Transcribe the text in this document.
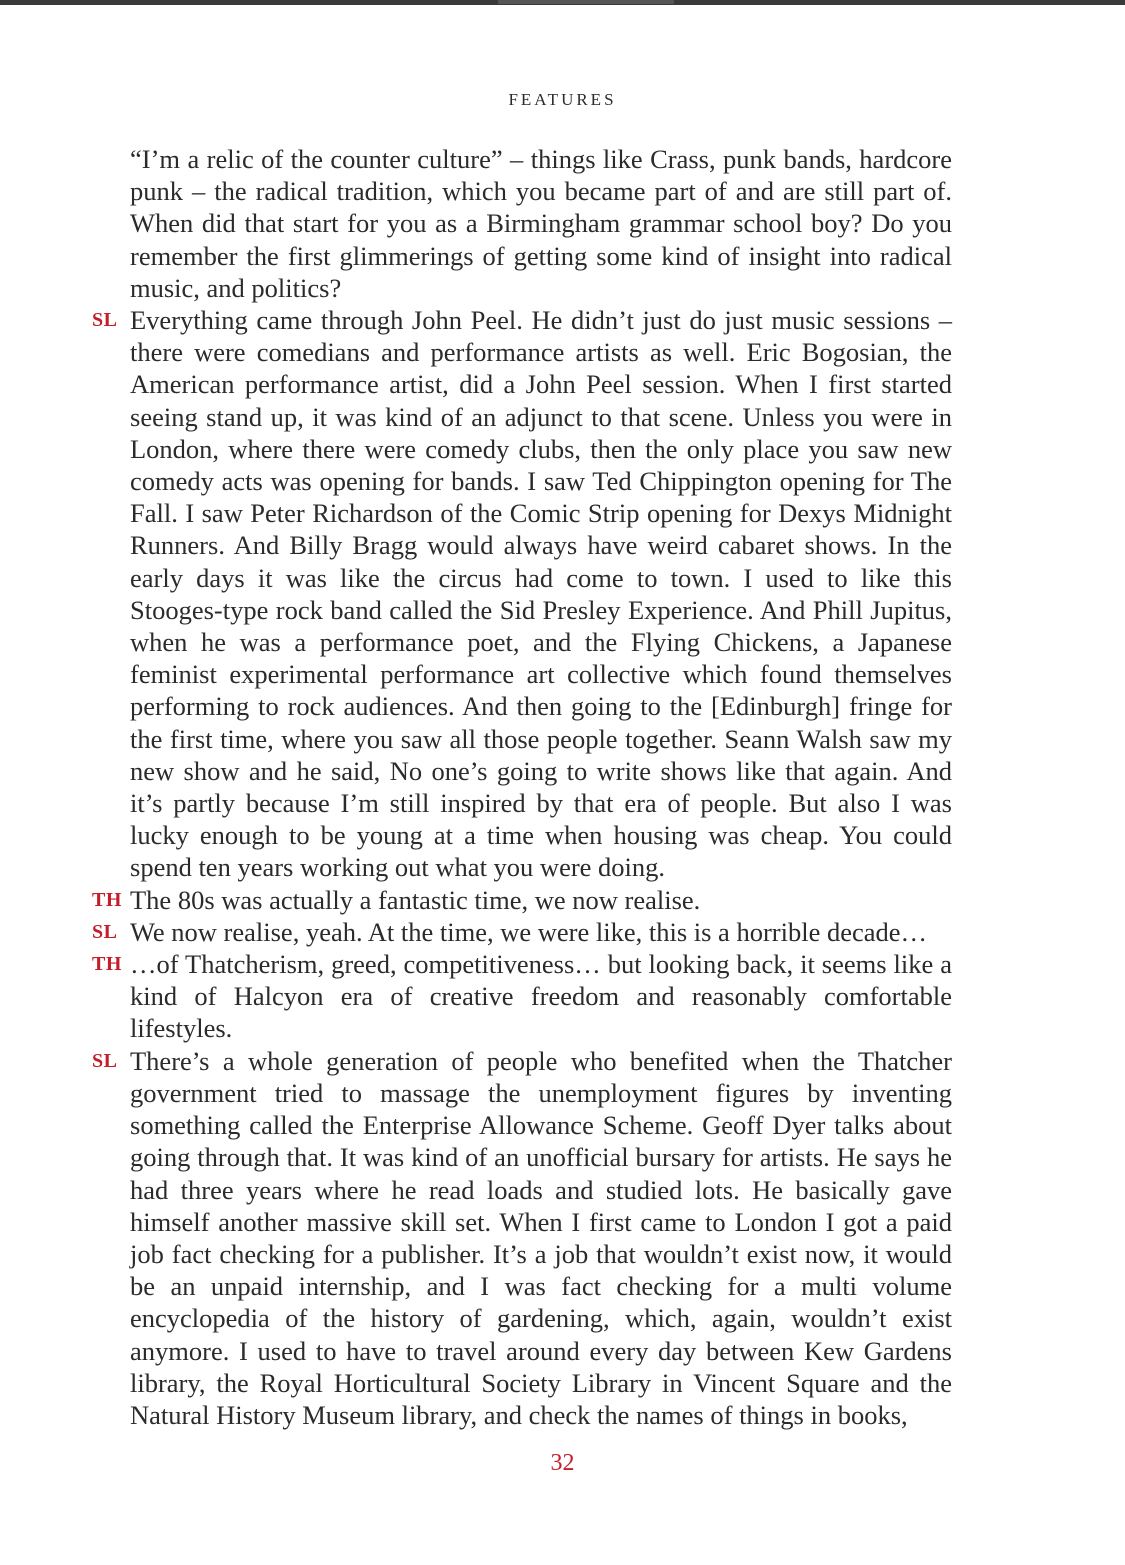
FEATURES

“I’m a relic of the counter culture” – things like Crass, punk bands, hardcore punk – the radical tradition, which you became part of and are still part of. When did that start for you as a Birmingham grammar school boy? Do you remember the first glimmerings of getting some kind of insight into radical music, and politics?

SL Everything came through John Peel. He didn’t just do just music sessions – there were comedians and performance artists as well. Eric Bogosian, the American performance artist, did a John Peel session. When I first started seeing stand up, it was kind of an adjunct to that scene. Unless you were in London, where there were comedy clubs, then the only place you saw new comedy acts was opening for bands. I saw Ted Chippington opening for The Fall. I saw Peter Richardson of the Comic Strip opening for Dexys Midnight Runners. And Billy Bragg would always have weird cabaret shows. In the early days it was like the circus had come to town. I used to like this Stooges-type rock band called the Sid Presley Experience. And Phill Jupitus, when he was a performance poet, and the Flying Chickens, a Japanese feminist experimental performance art collective which found themselves performing to rock audiences. And then going to the [Edinburgh] fringe for the first time, where you saw all those people together. Seann Walsh saw my new show and he said, No one’s going to write shows like that again. And it’s partly because I’m still inspired by that era of people. But also I was lucky enough to be young at a time when housing was cheap. You could spend ten years working out what you were doing.

TH The 80s was actually a fantastic time, we now realise.

SL We now realise, yeah. At the time, we were like, this is a horrible decade…

TH …of Thatcherism, greed, competitiveness… but looking back, it seems like a kind of Halcyon era of creative freedom and reasonably comfortable lifestyles.

SL There’s a whole generation of people who benefited when the Thatcher government tried to massage the unemployment figures by inventing something called the Enterprise Allowance Scheme. Geoff Dyer talks about going through that. It was kind of an unofficial bursary for artists. He says he had three years where he read loads and studied lots. He basically gave himself another massive skill set. When I first came to London I got a paid job fact checking for a publisher. It’s a job that wouldn’t exist now, it would be an unpaid internship, and I was fact checking for a multi volume encyclopedia of the history of gardening, which, again, wouldn’t exist anymore. I used to have to travel around every day between Kew Gardens library, the Royal Horticultural Society Library in Vincent Square and the Natural History Museum library, and check the names of things in books,

32
